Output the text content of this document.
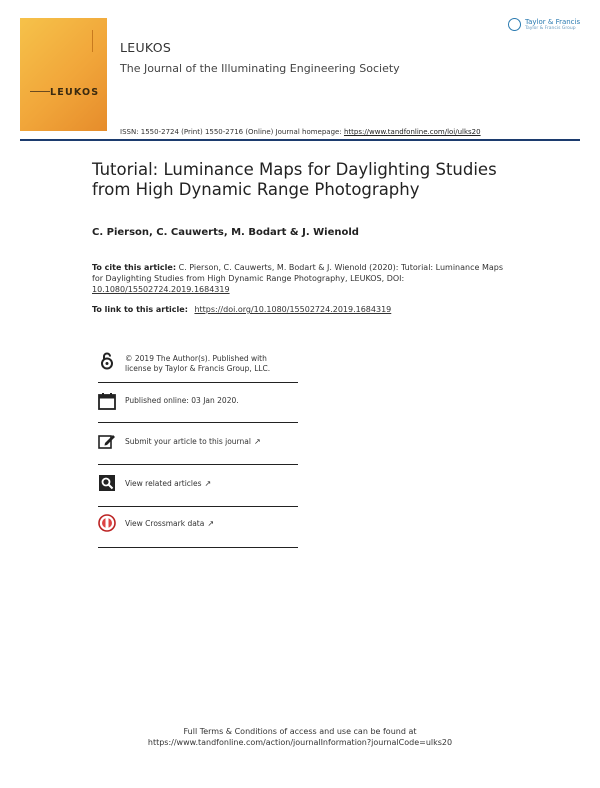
LEUKOS
LEUKOS
The Journal of the Illuminating Engineering Society
Taylor & Francis
Taylor & Francis Group
ISSN: 1550-2724 (Print) 1550-2716 (Online) Journal homepage: https://www.tandfonline.com/loi/ulks20
Tutorial: Luminance Maps for Daylighting Studies from High Dynamic Range Photography
C. Pierson, C. Cauwerts, M. Bodart & J. Wienold
To cite this article: C. Pierson, C. Cauwerts, M. Bodart & J. Wienold (2020): Tutorial: Luminance Maps for Daylighting Studies from High Dynamic Range Photography, LEUKOS, DOI: 10.1080/15502724.2019.1684319
To link to this article: https://doi.org/10.1080/15502724.2019.1684319
© 2019 The Author(s). Published with license by Taylor & Francis Group, LLC.
Published online: 03 Jan 2020.
Submit your article to this journal ↗
View related articles ↗
View Crossmark data ↗
Full Terms & Conditions of access and use can be found at
https://www.tandfonline.com/action/journalInformation?journalCode=ulks20
